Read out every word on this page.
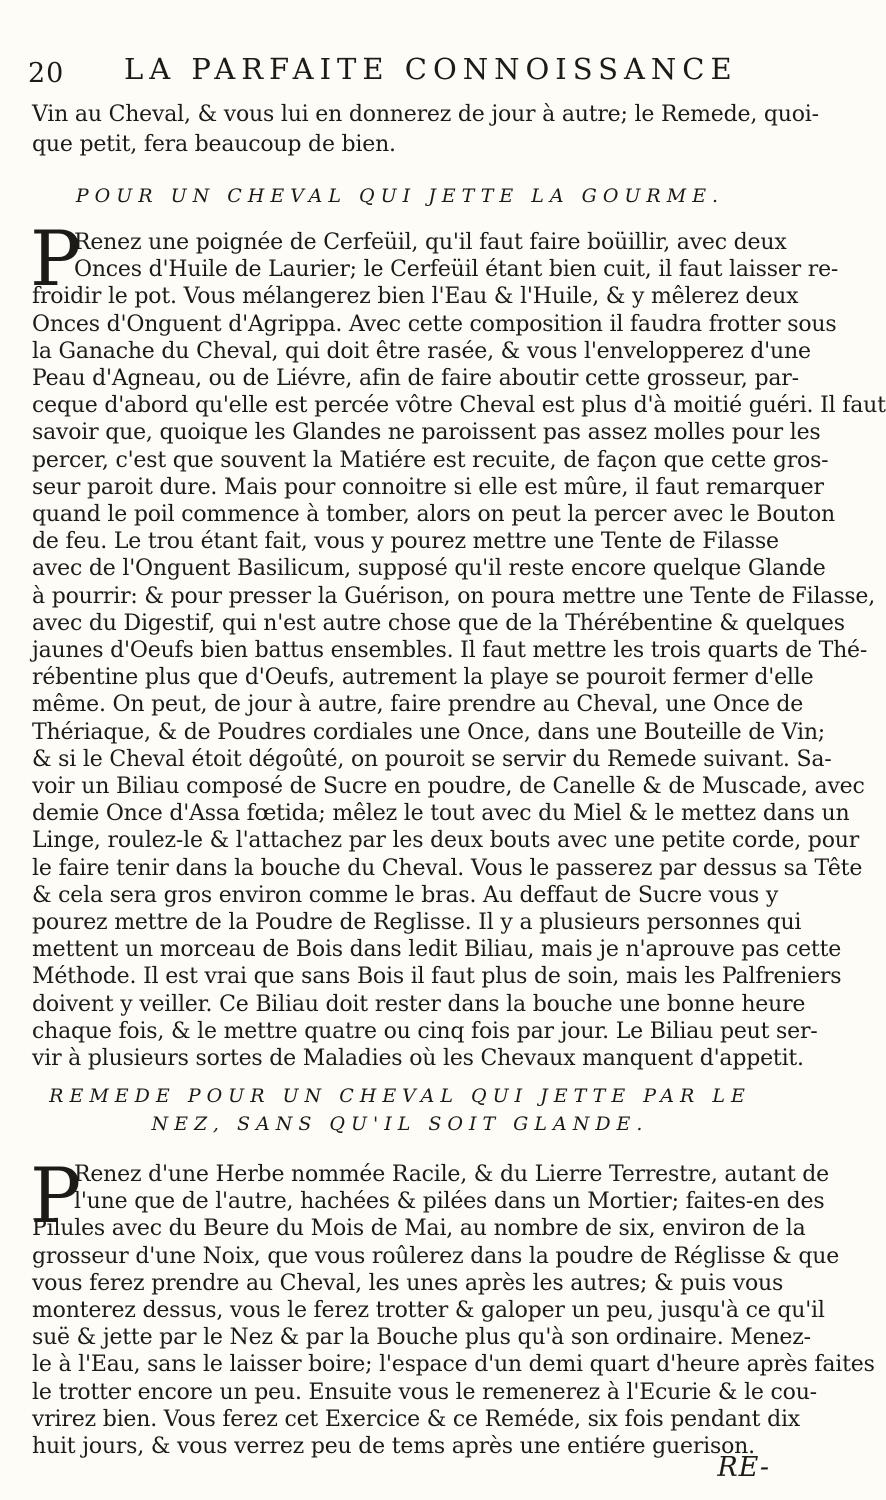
20 LA PARFAITE CONNOISSANCE
Vin au Cheval, & vous lui en donnerez de jour à autre; le Remede, quoi-
que petit, fera beaucoup de bien.
POUR UN CHEVAL QUI JETTE LA GOURME.
P
Renez une poignée de Cerfeüil, qu'il faut faire boüillir, avec deux
Onces d'Huile de Laurier; le Cerfeüil étant bien cuit, il faut laisser re-
froidir le pot. Vous mélangerez bien l'Eau & l'Huile, & y mêlerez deux
Onces d'Onguent d'Agrippa. Avec cette composition il faudra frotter sous
la Ganache du Cheval, qui doit être rasée, & vous l'envelopperez d'une
Peau d'Agneau, ou de Liévre, afin de faire aboutir cette grosseur, par-
ceque d'abord qu'elle est percée vôtre Cheval est plus d'à moitié guéri. Il faut
savoir que, quoique les Glandes ne paroissent pas assez molles pour les
percer, c'est que souvent la Matiére est recuite, de façon que cette gros-
seur paroit dure. Mais pour connoitre si elle est mûre, il faut remarquer
quand le poil commence à tomber, alors on peut la percer avec le Bouton
de feu. Le trou étant fait, vous y pourez mettre une Tente de Filasse
avec de l'Onguent Basilicum, supposé qu'il reste encore quelque Glande
à pourrir: & pour presser la Guérison, on poura mettre une Tente de Filasse,
avec du Digestif, qui n'est autre chose que de la Thérébentine & quelques
jaunes d'Oeufs bien battus ensembles. Il faut mettre les trois quarts de Thé-
rébentine plus que d'Oeufs, autrement la playe se pouroit fermer d'elle
même. On peut, de jour à autre, faire prendre au Cheval, une Once de
Thériaque, & de Poudres cordiales une Once, dans une Bouteille de Vin;
& si le Cheval étoit dégoûté, on pouroit se servir du Remede suivant. Sa-
voir un Biliau composé de Sucre en poudre, de Canelle & de Muscade, avec
demie Once d'Assa fœtida; mêlez le tout avec du Miel & le mettez dans un
Linge, roulez-le & l'attachez par les deux bouts avec une petite corde, pour
le faire tenir dans la bouche du Cheval. Vous le passerez par dessus sa Tête
& cela sera gros environ comme le bras. Au deffaut de Sucre vous y
pourez mettre de la Poudre de Reglisse. Il y a plusieurs personnes qui
mettent un morceau de Bois dans ledit Biliau, mais je n'aprouve pas cette
Méthode. Il est vrai que sans Bois il faut plus de soin, mais les Palfreniers
doivent y veiller. Ce Biliau doit rester dans la bouche une bonne heure
chaque fois, & le mettre quatre ou cinq fois par jour. Le Biliau peut ser-
vir à plusieurs sortes de Maladies où les Chevaux manquent d'appetit.
REMEDE POUR UN CHEVAL QUI JETTE PAR LE
NEZ, SANS QU'IL SOIT GLANDE.
P
Renez d'une Herbe nommée Racile, & du Lierre Terrestre, autant de
l'une que de l'autre, hachées & pilées dans un Mortier; faites-en des
Pilules avec du Beure du Mois de Mai, au nombre de six, environ de la
grosseur d'une Noix, que vous roûlerez dans la poudre de Réglisse & que
vous ferez prendre au Cheval, les unes après les autres; & puis vous
monterez dessus, vous le ferez trotter & galoper un peu, jusqu'à ce qu'il
suë & jette par le Nez & par la Bouche plus qu'à son ordinaire. Menez-
le à l'Eau, sans le laisser boire; l'espace d'un demi quart d'heure après faites
le trotter encore un peu. Ensuite vous le remenerez à l'Ecurie & le cou-
vrirez bien. Vous ferez cet Exercice & ce Reméde, six fois pendant dix
huit jours, & vous verrez peu de tems après une entiére guerison.
RE-
